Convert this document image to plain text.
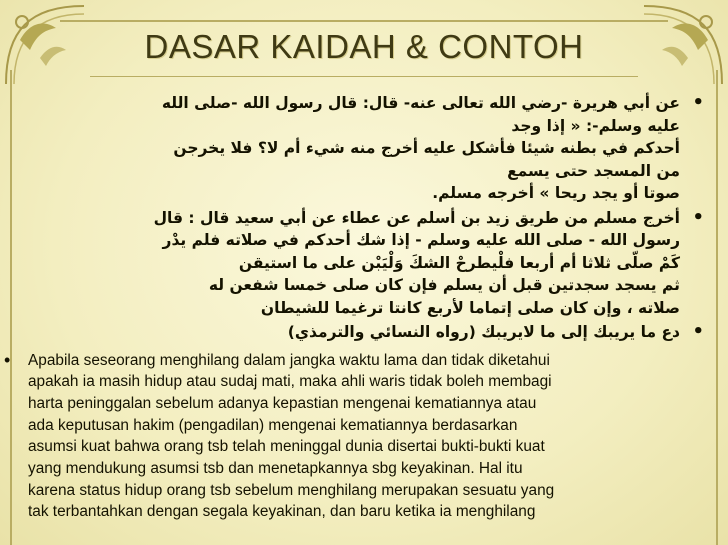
DASAR KAIDAH & CONTOH
•
عن أبي هريرة -رضي الله تعالى عنه- قال: قال رسول الله -صلى الله
عليه وسلم-: « إذا وجد
أحدكم في بطنه شيئا فأشكل عليه أخرج منه شيء أم لا؟ فلا يخرجن
من المسجد حتى يسمع
صوتا أو يجد ريحا » أخرجه مسلم.
•
أخرج مسلم من طريق زيد بن أسلم عن عطاء عن أبي سعيد قال : قال
رسول الله - صلى الله عليه وسلم - إذا شك أحدكم في صلاته فلم يدْر
كَمْ صلّى ثلاثا أم أربعا فلْيطرحْ الشكَ وَلْيَبْن على ما استيقن
ثم يسجد سجدتين قبل أن يسلم فإن كان صلى خمسا شفعن له
صلاته ، وإن كان صلى إتماما لأربع كانتا ترغيما للشيطان
•
دع ما يريبك إلى ما لايريبك (رواه النسائي والترمذي)
• Apabila seseorang menghilang dalam jangka waktu lama dan tidak diketahui
apakah ia masih hidup atau sudaj mati, maka ahli waris tidak boleh membagi
harta peninggalan sebelum adanya kepastian mengenai kematiannya atau
ada keputusan hakim (pengadilan) mengenai kematiannya berdasarkan
asumsi kuat bahwa orang tsb telah meninggal dunia disertai bukti-bukti kuat
yang mendukung asumsi tsb dan menetapkannya sbg keyakinan. Hal itu
karena status hidup orang tsb sebelum menghilang merupakan sesuatu yang
tak terbantahkan dengan segala keyakinan, dan baru ketika ia menghilang
